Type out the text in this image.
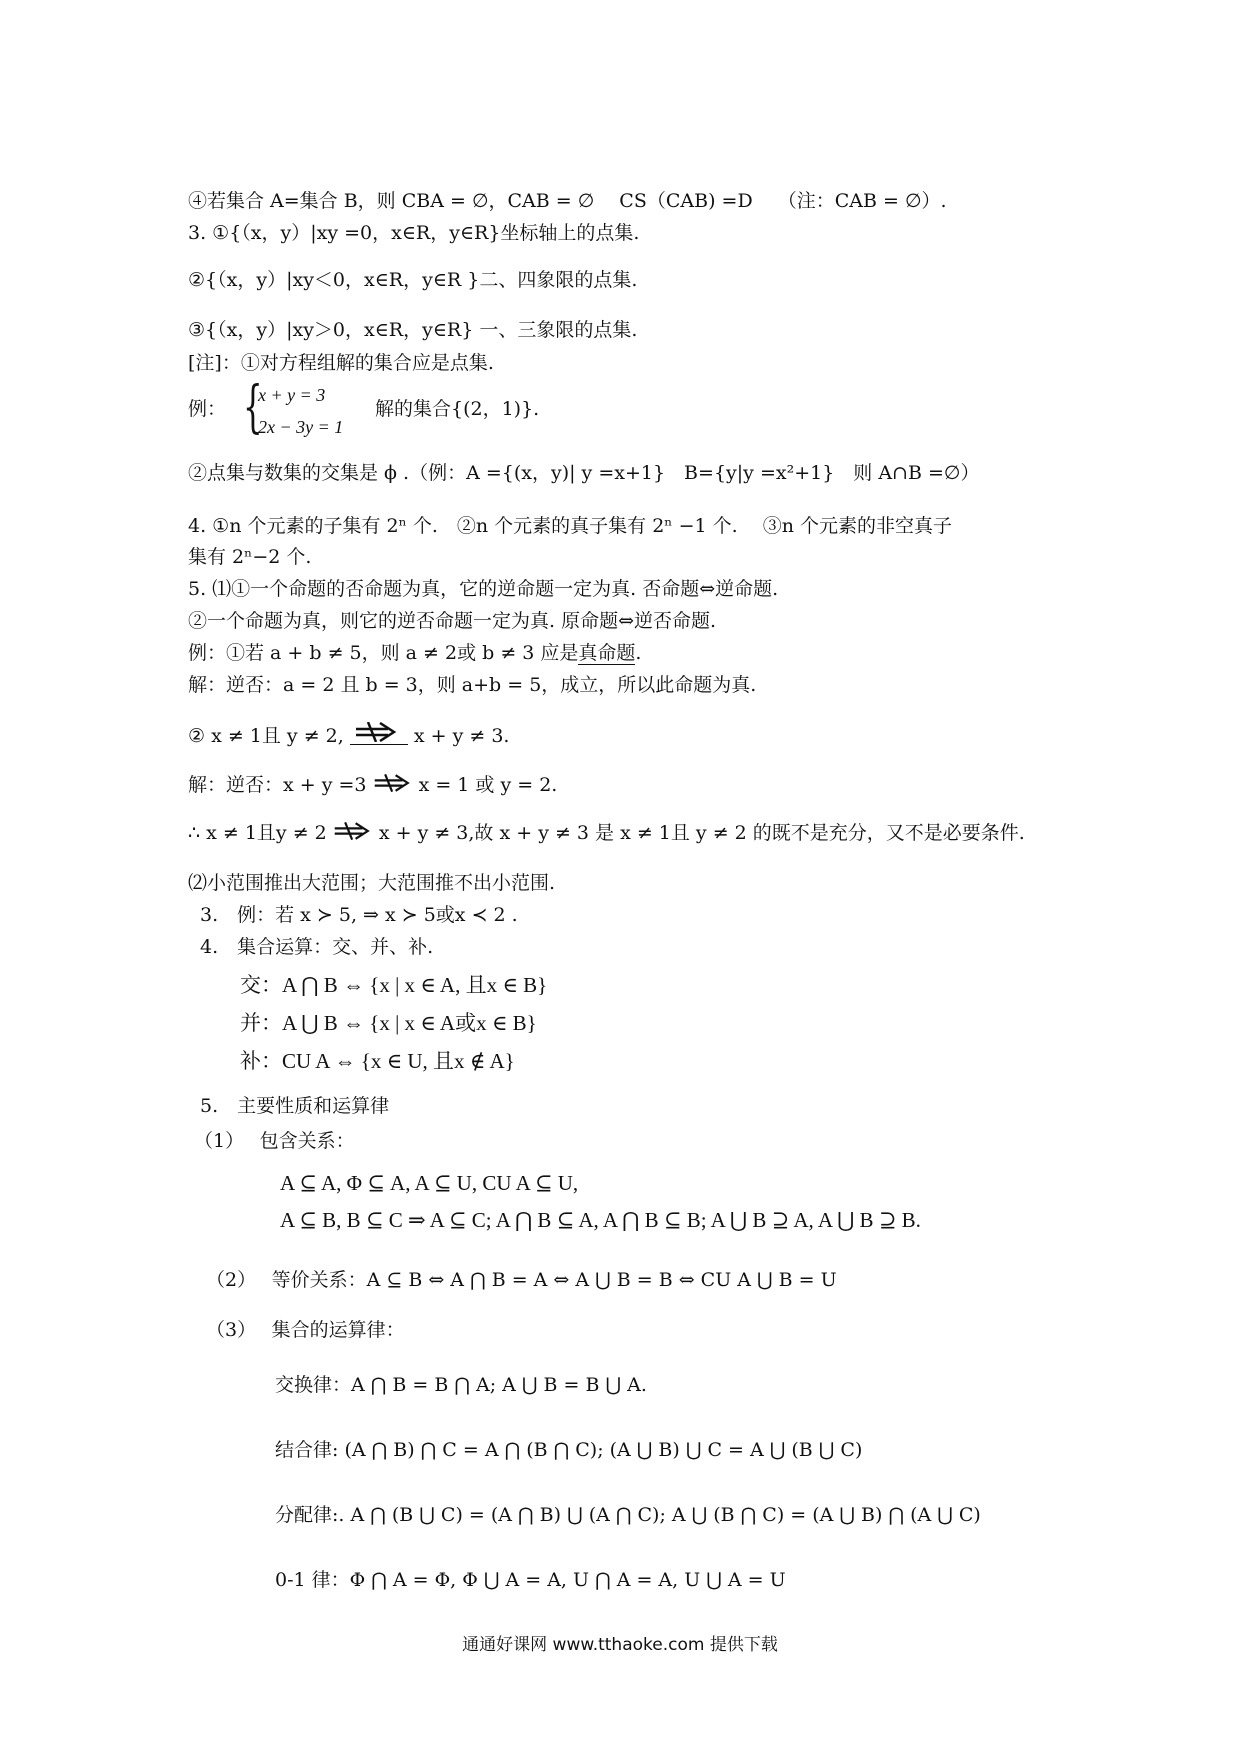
④若集合 A=集合 B，则 CBA = ∅，CAB = ∅　 CS（CAB) =D　 （注：CAB = ∅）.
3. ①{（x，y）|xy =0，x∈R，y∈R}坐标轴上的点集.
②{（x，y）|xy＜0，x∈R，y∈R }二、四象限的点集.
③{（x，y）|xy＞0，x∈R，y∈R} 一、三象限的点集.
[注]：①对方程组解的集合应是点集.
例： {
x + y = 3
2x − 3y = 1
解的集合{(2，1)}.
②点集与数集的交集是 ϕ .（例：A ={(x，y)| y =x+1}　B={y|y =x²+1}　则 A∩B =∅）
4. ①n 个元素的子集有 2ⁿ 个.　②n 个元素的真子集有 2ⁿ −1 个.　 ③n 个元素的非空真子
集有 2ⁿ−2 个.
5. ⑴①一个命题的否命题为真，它的逆命题一定为真. 否命题⇔逆命题.
②一个命题为真，则它的逆否命题一定为真. 原命题⇔逆否命题.
例：①若 a + b ≠ 5，则 a ≠ 2或 b ≠ 3 应是真命题.
解：逆否：a = 2 且 b = 3，则 a+b = 5，成立，所以此命题为真.
② x ≠ 1且 y ≠ 2,	x + y ≠ 3.
解：逆否：x + y =3	x = 1 或 y = 2.
∴ x ≠ 1且y ≠ 2	x + y ≠ 3,故 x + y ≠ 3 是 x ≠ 1且 y ≠ 2 的既不是充分，又不是必要条件.
⑵小范围推出大范围；大范围推不出小范围.
3.　例：若 x ≻ 5, ⇒ x ≻ 5或x ≺ 2 .
4.　集合运算：交、并、补.
交：A ⋂ B ⇔ {x | x ∈ A, 且x ∈ B}
并：A ⋃ B ⇔ {x | x ∈ A或x ∈ B}
补：CU A ⇔ {x ∈ U, 且x ∉ A}
5.　主要性质和运算律
（1）　 包含关系：
A ⊆ A, Φ ⊆ A, A ⊆ U, CU A ⊆ U,
A ⊆ B, B ⊆ C ⇒ A ⊆ C; A ⋂ B ⊆ A, A ⋂ B ⊆ B; A ⋃ B ⊇ A, A ⋃ B ⊇ B.
（2）　 等价关系：A ⊆ B ⇔ A ⋂ B = A ⇔ A ⋃ B = B ⇔ CU A ⋃ B = U
（3）　 集合的运算律：
交换律：A ⋂ B = B ⋂ A; A ⋃ B = B ⋃ A.
结合律: (A ⋂ B) ⋂ C = A ⋂ (B ⋂ C); (A ⋃ B) ⋃ C = A ⋃ (B ⋃ C)
分配律:. A ⋂ (B ⋃ C) = (A ⋂ B) ⋃ (A ⋂ C); A ⋃ (B ⋂ C) = (A ⋃ B) ⋂ (A ⋃ C)
0-1 律：Φ ⋂ A = Φ, Φ ⋃ A = A, U ⋂ A = A, U ⋃ A = U
通通好课网 www.tthaoke.com 提供下载
